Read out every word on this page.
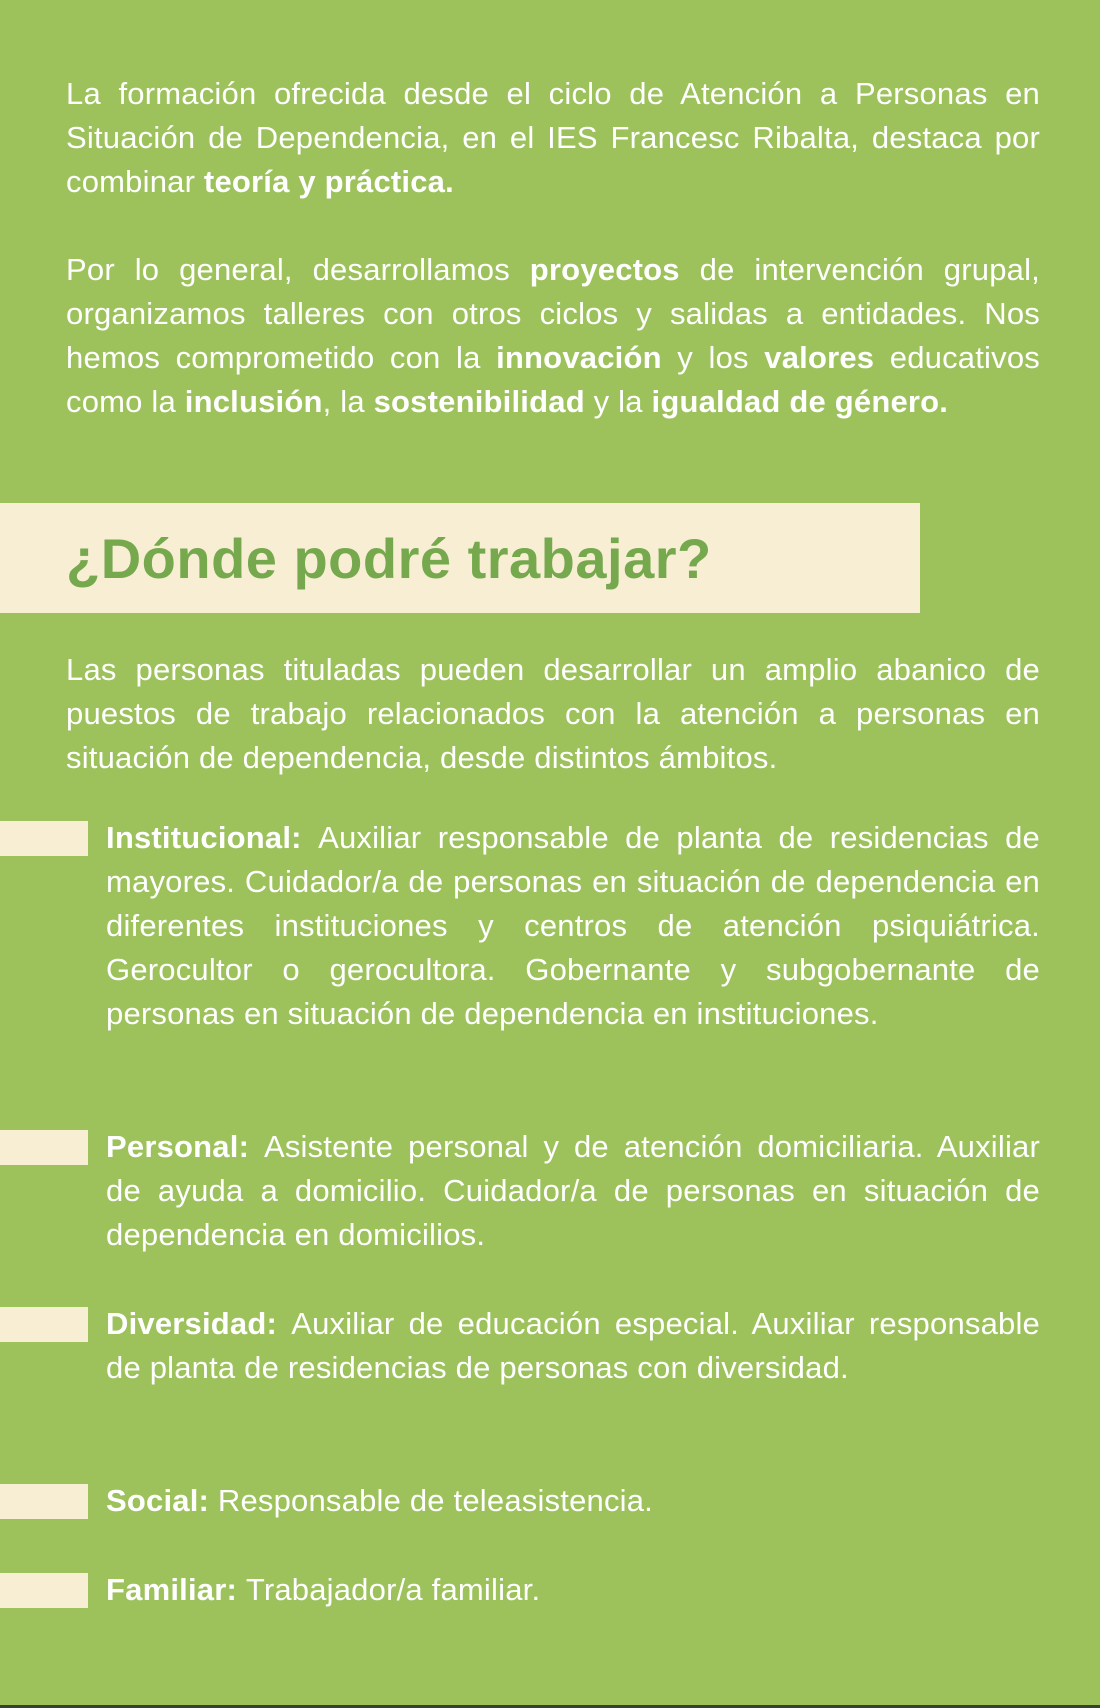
La formación ofrecida desde el ciclo de Atención a Personas en Situación de Dependencia, en el IES Francesc Ribalta, destaca por combinar teoría y práctica.

Por lo general, desarrollamos proyectos de intervención grupal, organizamos talleres con otros ciclos y salidas a entidades. Nos hemos comprometido con la innovación y los valores educativos como la inclusión, la sostenibilidad y la igualdad de género.

¿Dónde podré trabajar?

Las personas tituladas pueden desarrollar un amplio abanico de puestos de trabajo relacionados con la atención a personas en situación de dependencia, desde distintos ámbitos.

Institucional: Auxiliar responsable de planta de residencias de mayores. Cuidador/a de personas en situación de dependencia en diferentes instituciones y centros de atención psiquiátrica. Gerocultor o gerocultora. Gobernante y subgobernante de personas en situación de dependencia en instituciones.

Personal: Asistente personal y de atención domiciliaria. Auxiliar de ayuda a domicilio. Cuidador/a de personas en situación de dependencia en domicilios.

Diversidad: Auxiliar de educación especial. Auxiliar responsable de planta de residencias de personas con diversidad.

Social: Responsable de teleasistencia.

Familiar: Trabajador/a familiar.
